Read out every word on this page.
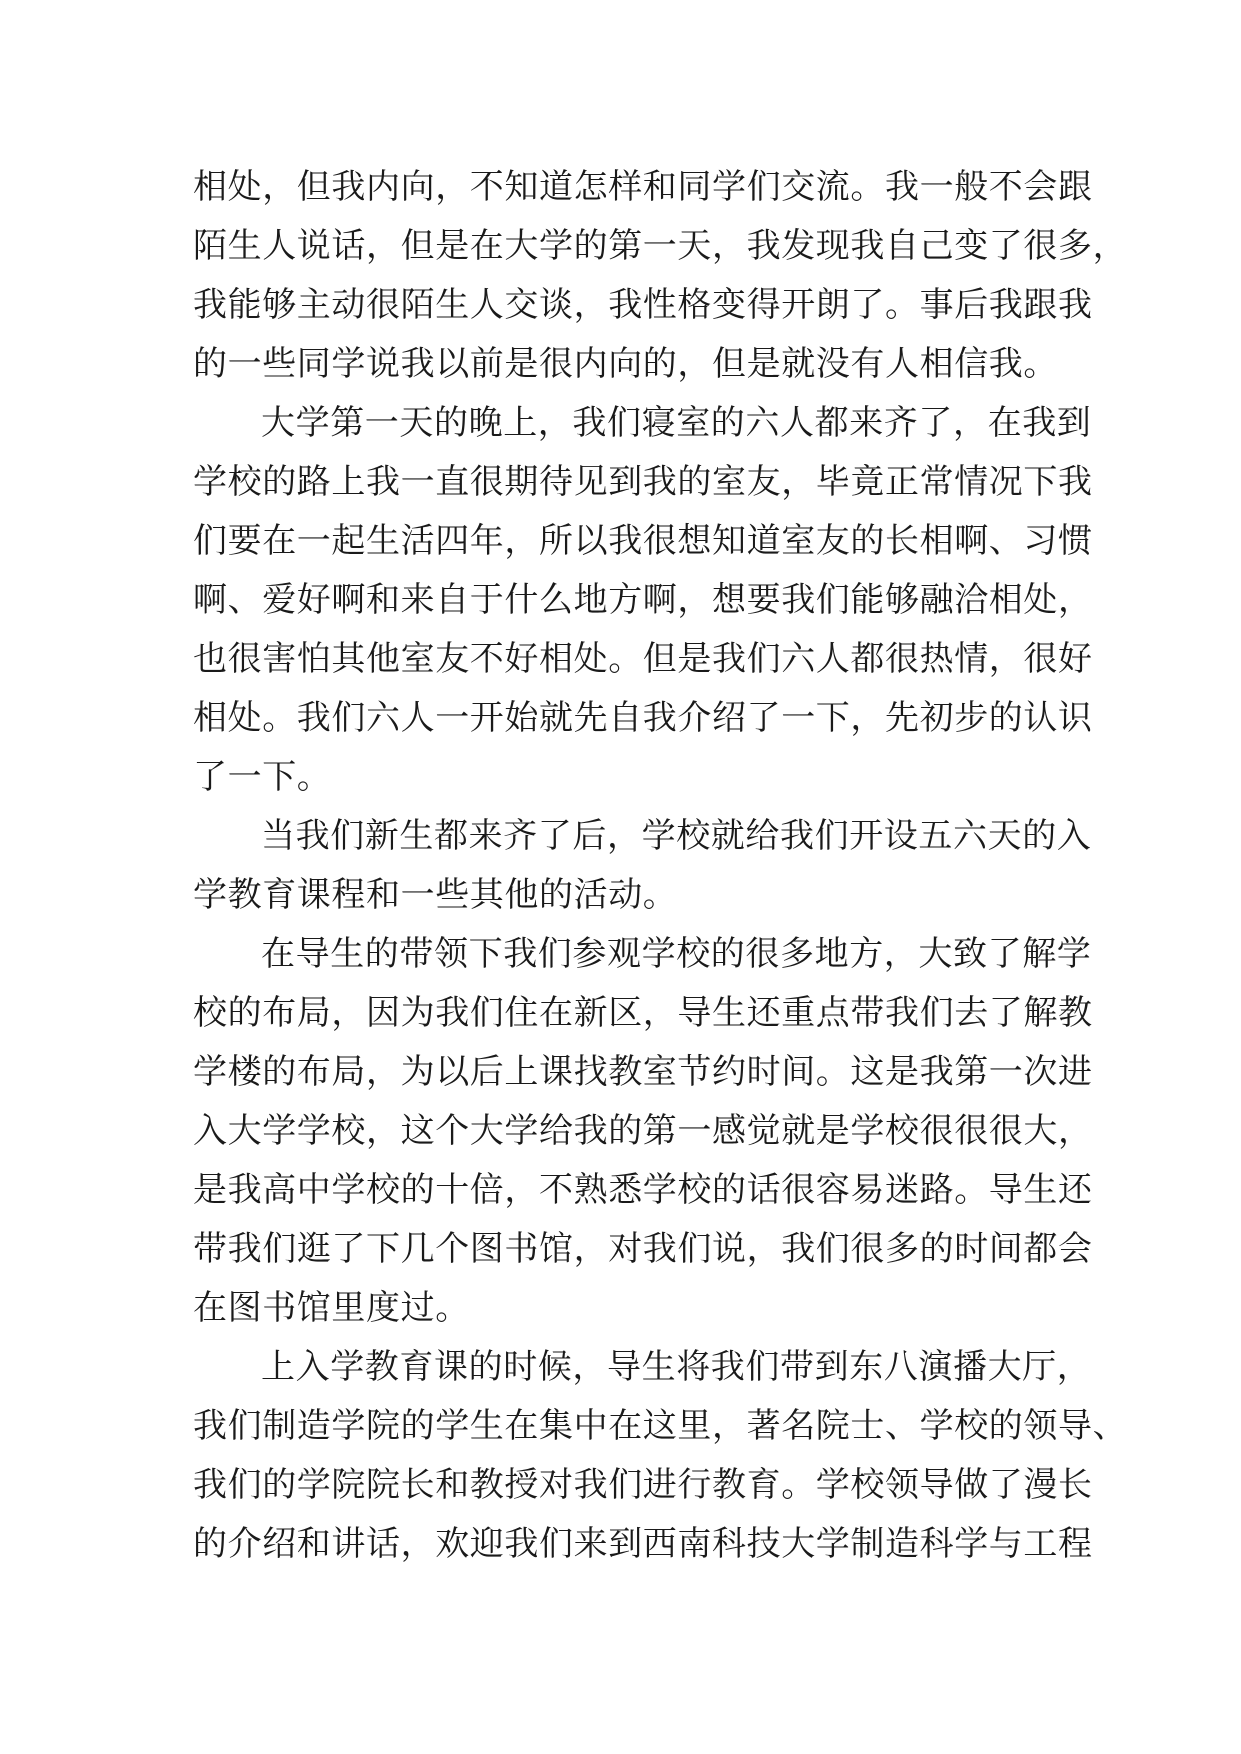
相处，但我内向，不知道怎样和同学们交流。我一般不会跟
陌生人说话，但是在大学的第一天，我发现我自己变了很多，
我能够主动很陌生人交谈，我性格变得开朗了。事后我跟我
的一些同学说我以前是很内向的，但是就没有人相信我。
大学第一天的晚上，我们寝室的六人都来齐了，在我到
学校的路上我一直很期待见到我的室友，毕竟正常情况下我
们要在一起生活四年，所以我很想知道室友的长相啊、习惯
啊、爱好啊和来自于什么地方啊，想要我们能够融洽相处，
也很害怕其他室友不好相处。但是我们六人都很热情，很好
相处。我们六人一开始就先自我介绍了一下，先初步的认识
了一下。
当我们新生都来齐了后，学校就给我们开设五六天的入
学教育课程和一些其他的活动。
在导生的带领下我们参观学校的很多地方，大致了解学
校的布局，因为我们住在新区，导生还重点带我们去了解教
学楼的布局，为以后上课找教室节约时间。这是我第一次进
入大学学校，这个大学给我的第一感觉就是学校很很很大，
是我高中学校的十倍，不熟悉学校的话很容易迷路。导生还
带我们逛了下几个图书馆，对我们说，我们很多的时间都会
在图书馆里度过。
上入学教育课的时候，导生将我们带到东八演播大厅，
我们制造学院的学生在集中在这里，著名院士、学校的领导、
我们的学院院长和教授对我们进行教育。学校领导做了漫长
的介绍和讲话，欢迎我们来到西南科技大学制造科学与工程
